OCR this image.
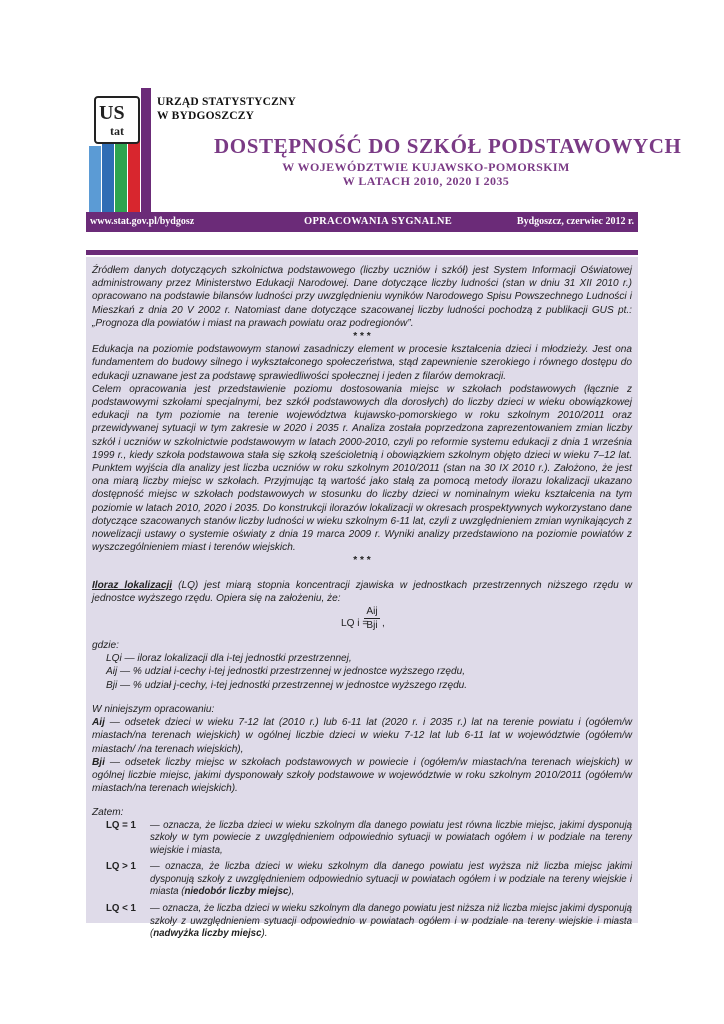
US
tat
URZĄD STATYSTYCZNY
W BYDGOSZCZY
DOSTĘPNOŚĆ DO SZKÓŁ PODSTAWOWYCH
W WOJEWÓDZTWIE KUJAWSKO-POMORSKIM
W LATACH 2010, 2020 I 2035
www.stat.gov.pl/bydgosz	OPRACOWANIA SYGNALNE	Bydgoszcz, czerwiec 2012 r.

Źródłem danych dotyczących szkolnictwa podstawowego (liczby uczniów i szkół) jest System Informacji Oświatowej administrowany przez Ministerstwo Edukacji Narodowej. Dane dotyczące liczby ludności (stan w dniu 31 XII 2010 r.) opracowano na podstawie bilansów ludności przy uwzględnieniu wyników Narodowego Spisu Powszechnego Ludności i Mieszkań z dnia 20 V 2002 r. Natomiast dane dotyczące szacowanej liczby ludności pochodzą z publikacji GUS pt.: „Prognoza dla powiatów i miast na prawach powiatu oraz podregionów”.

* * *

Edukacja na poziomie podstawowym stanowi zasadniczy element w procesie kształcenia dzieci i młodzieży. Jest ona fundamentem do budowy silnego i wykształconego społeczeństwa, stąd zapewnienie szerokiego i równego dostępu do edukacji uznawane jest za podstawę sprawiedliwości społecznej i jeden z filarów demokracji.

Celem opracowania jest przedstawienie poziomu dostosowania miejsc w szkołach podstawowych (łącznie z podstawowymi szkołami specjalnymi, bez szkół podstawowych dla dorosłych) do liczby dzieci w wieku obowiązkowej edukacji na tym poziomie na terenie województwa kujawsko-pomorskiego w roku szkolnym 2010/2011 oraz przewidywanej sytuacji w tym zakresie w 2020 i 2035 r. Analiza została poprzedzona zaprezentowaniem zmian liczby szkół i uczniów w szkolnictwie podstawowym w latach 2000-2010, czyli po reformie systemu edukacji z dnia 1 września 1999 r., kiedy szkoła podstawowa stała się szkołą sześcioletnią i obowiązkiem szkolnym objęto dzieci w wieku 7–12 lat. Punktem wyjścia dla analizy jest liczba uczniów w roku szkolnym 2010/2011 (stan na 30 IX 2010 r.). Założono, że jest ona miarą liczby miejsc w szkołach. Przyjmując tą wartość jako stałą za pomocą metody ilorazu lokalizacji ukazano dostępność miejsc w szkołach podstawowych w stosunku do liczby dzieci w nominalnym wieku kształcenia na tym poziomie w latach 2010, 2020 i 2035. Do konstrukcji ilorazów lokalizacji w okresach prospektywnych wykorzystano dane dotyczące szacowanych stanów liczby ludności w wieku szkolnym 6-11 lat, czyli z uwzględnieniem zmian wynikających z nowelizacji ustawy o systemie oświaty z dnia 19 marca 2009 r. Wyniki analizy przedstawiono na poziomie powiatów z wyszczególnieniem miast i terenów wiejskich.

* * *

Iloraz lokalizacji (LQ) jest miarą stopnia koncentracji zjawiska w jednostkach przestrzennych niższego rzędu w jednostce wyższego rzędu. Opiera się na założeniu, że:

LQ i =
Aij
Bji ,

gdzie:

LQi — iloraz lokalizacji dla i-tej jednostki przestrzennej,

Aij — % udział i-cechy i-tej jednostki przestrzennej w jednostce wyższego rzędu,

Bji — % udział j-cechy, i-tej jednostki przestrzennej w jednostce wyższego rzędu.

W niniejszym opracowaniu:

Aij — odsetek dzieci w wieku 7-12 lat (2010 r.) lub 6-11 lat (2020 r. i 2035 r.) lat na terenie powiatu i (ogółem/w miastach/na terenach wiejskich) w ogólnej liczbie dzieci w wieku 7-12 lat lub 6-11 lat w województwie (ogółem/w miastach/ /na terenach wiejskich),

Bji — odsetek liczby miejsc w szkołach podstawowych w powiecie i (ogółem/w miastach/na terenach wiejskich) w ogólnej liczbie miejsc, jakimi dysponowały szkoły podstawowe w województwie w roku szkolnym 2010/2011 (ogółem/w miastach/na terenach wiejskich).

Zatem:

LQ = 1 — oznacza, że liczba dzieci w wieku szkolnym dla danego powiatu jest równa liczbie miejsc, jakimi dysponują szkoły w tym powiecie z uwzględnieniem odpowiednio sytuacji w powiatach ogółem i w podziale na tereny wiejskie i miasta,

LQ > 1 — oznacza, że liczba dzieci w wieku szkolnym dla danego powiatu jest wyższa niż liczba miejsc jakimi dysponują szkoły z uwzględnieniem odpowiednio sytuacji w powiatach ogółem i w podziale na tereny wiejskie i miasta (niedobór liczby miejsc),

LQ < 1 — oznacza, że liczba dzieci w wieku szkolnym dla danego powiatu jest niższa niż liczba miejsc jakimi dysponują szkoły z uwzględnieniem sytuacji odpowiednio w powiatach ogółem i w podziale na tereny wiejskie i miasta (nadwyżka liczby miejsc).
